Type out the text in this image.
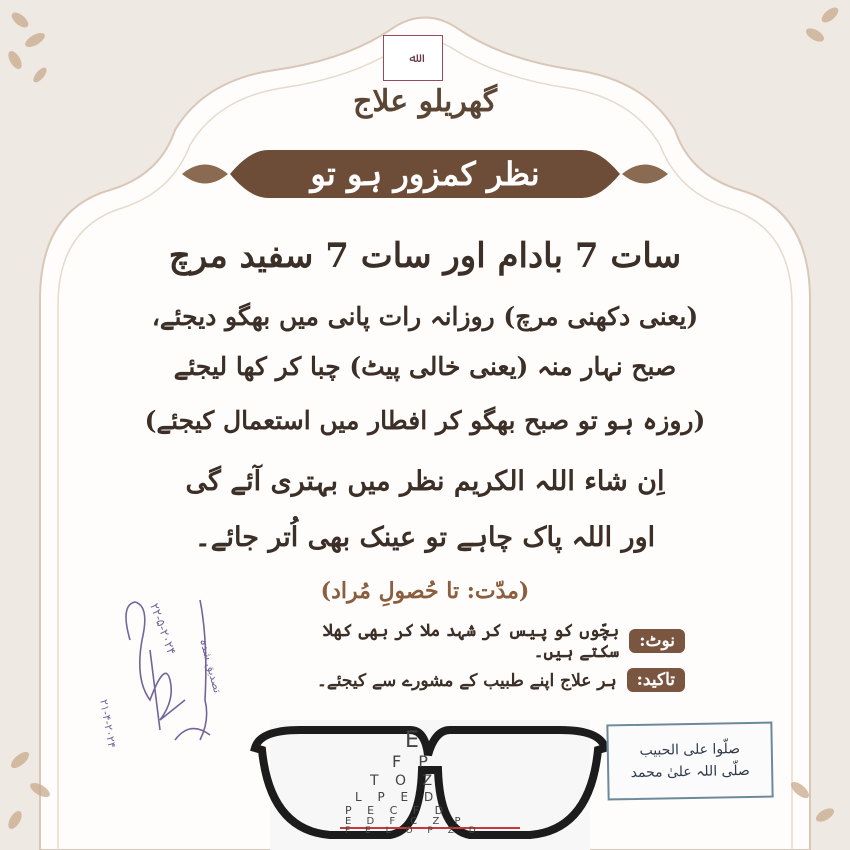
۲۲-۵-۲۰۲۴
تصدیق شدہ
۲۱-۴-۲۰۲۴	E
F P
T O Z
L P E D
P E C F D
E D F C Z P
F E L O P Z D
ﷲ
گھریلو علاج
نظر کمزور ہو تو
سات 7 بادام اور سات 7 سفید مرچ
(یعنی دکھنی مرچ) روزانہ رات پانی میں بھگو دیجئے،
صبح نہار منہ (یعنی خالی پیٹ) چبا کر کھا لیجئے
(روزہ ہو تو صبح بھگو کر افطار میں استعمال کیجئے)
اِن شاء اللہ الکریم نظر میں بہتری آئے گی
اور اللہ پاک چاہے تو عینک بھی اُتر جائے۔
(مدّت: تا حُصولِ مُراد)
نوٹ:
بچّوں کو پیس کر شہد ملا کر بھی کھلا سکتے ہیں۔
تاکید:
ہر علاج اپنے طبیب کے مشورے سے کیجئے۔
صلّوا علی الحبیب
صلّی اللہ علیٰ محمد
